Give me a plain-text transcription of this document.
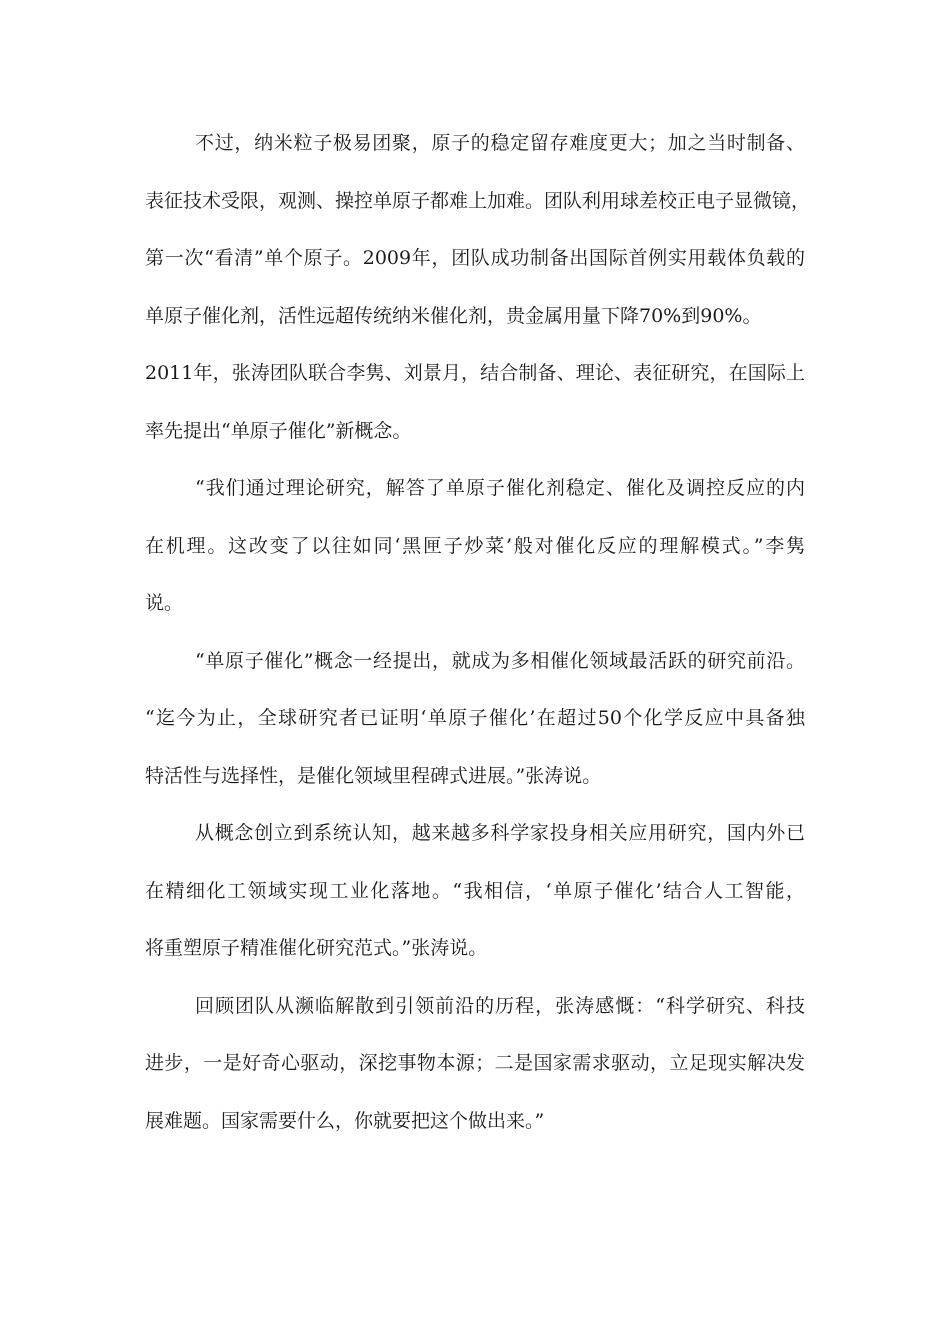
不过，纳米粒子极易团聚，原子的稳定留存难度更大；加之当时制备、
表征技术受限，观测、操控单原子都难上加难。团队利用球差校正电子显微镜，
第一次“看清”单个原子。2009年，团队成功制备出国际首例实用载体负载的
单原子催化剂，活性远超传统纳米催化剂，贵金属用量下降70%到90%。
2011年，张涛团队联合李隽、刘景月，结合制备、理论、表征研究，在国际上
率先提出“单原子催化”新概念。
“我们通过理论研究，解答了单原子催化剂稳定、催化及调控反应的内
在机理。这改变了以往如同‘黑匣子炒菜’般对催化反应的理解模式。”李隽
说。
“单原子催化”概念一经提出，就成为多相催化领域最活跃的研究前沿。
“迄今为止，全球研究者已证明‘单原子催化’在超过50个化学反应中具备独
特活性与选择性，是催化领域里程碑式进展。”张涛说。
从概念创立到系统认知，越来越多科学家投身相关应用研究，国内外已
在精细化工领域实现工业化落地。“我相信，‘单原子催化’结合人工智能，
将重塑原子精准催化研究范式。”张涛说。
回顾团队从濒临解散到引领前沿的历程，张涛感慨：“科学研究、科技
进步，一是好奇心驱动，深挖事物本源；二是国家需求驱动，立足现实解决发
展难题。国家需要什么，你就要把这个做出来。”
